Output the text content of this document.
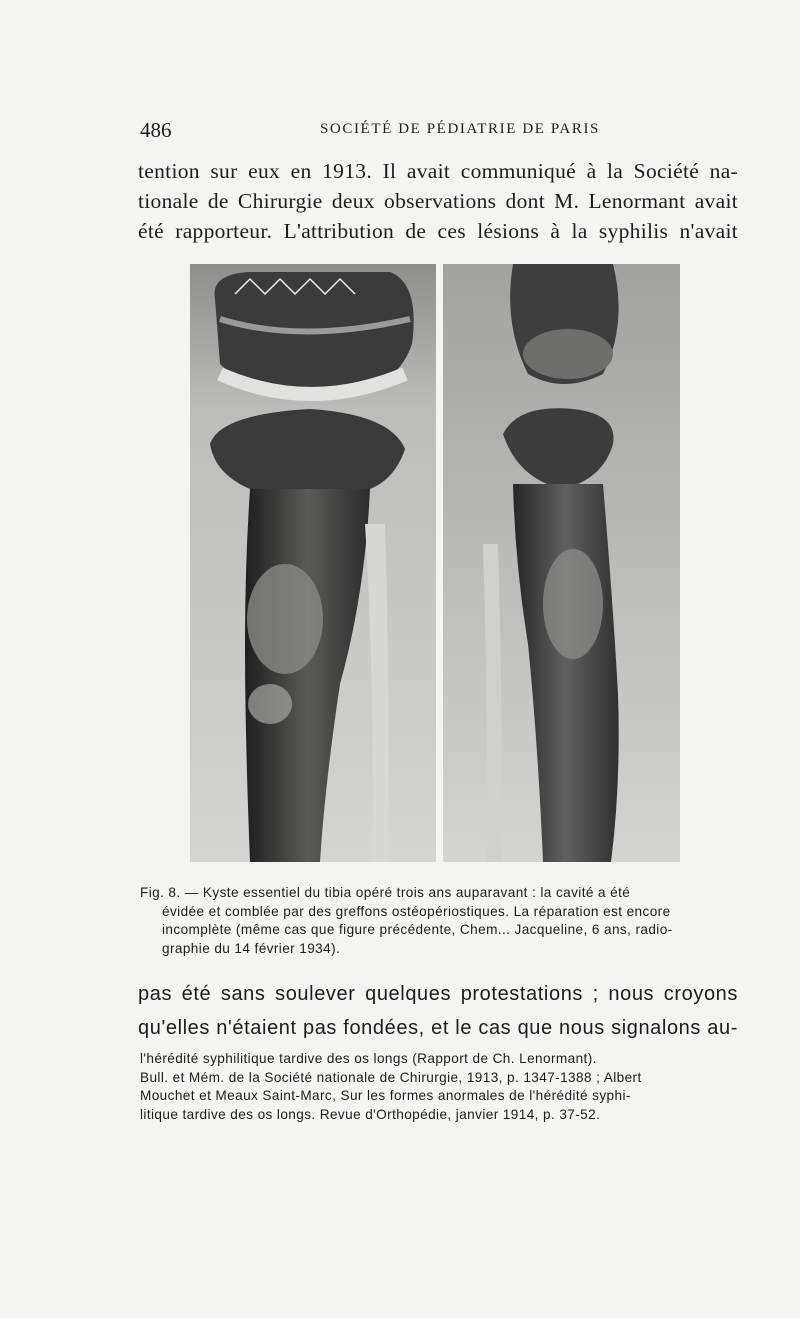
486	SOCIÉTÉ DE PÉDIATRIE DE PARIS
tention sur eux en 1913. Il avait communiqué à la Société na-
tionale de Chirurgie deux observations dont M. Lenormant avait
été rapporteur. L'attribution de ces lésions à la syphilis n'avait
Fig. 8. — Kyste essentiel du tibia opéré trois ans auparavant : la cavité a été
évidée et comblée par des greffons ostéopériostiques. La réparation est encore
incomplète (même cas que figure précédente, Chem... Jacqueline, 6 ans, radio-
graphie du 14 février 1934).
pas été sans soulever quelques protestations ; nous croyons
qu'elles n'étaient pas fondées, et le cas que nous signalons au-
l'hérédité syphilitique tardive des os longs (Rapport de Ch. Lenormant).
Bull. et Mém. de la Société nationale de Chirurgie, 1913, p. 1347-1388 ; Albert
Mouchet et Meaux Saint-Marc, Sur les formes anormales de l'hérédité syphi-
litique tardive des os longs. Revue d'Orthopédie, janvier 1914, p. 37-52.
